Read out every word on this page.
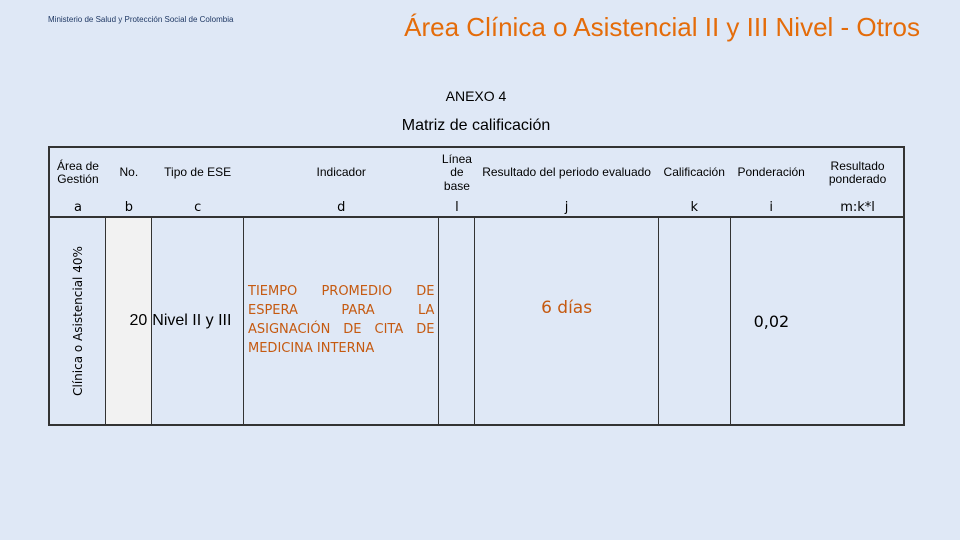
Ministerio de Salud y Protección Social de Colombia	Área Clínica o Asistencial II y III Nivel - Otros
ANEXO 4
Matriz de calificación
Área de Gestión	No.	Tipo de ESE	Indicador	Línea de base	Resultado del periodo evaluado	Calificación	Ponderación	Resultado ponderado
a	b	c	d	l	j	k	i	m:k*l

Clínica o Asistencial 40%	20	Nivel II y III	TIEMPO PROMEDIO DE ESPERA PARA LA ASIGNACIÓN DE CITA DE MEDICINA INTERNA		6 días		0,02	
